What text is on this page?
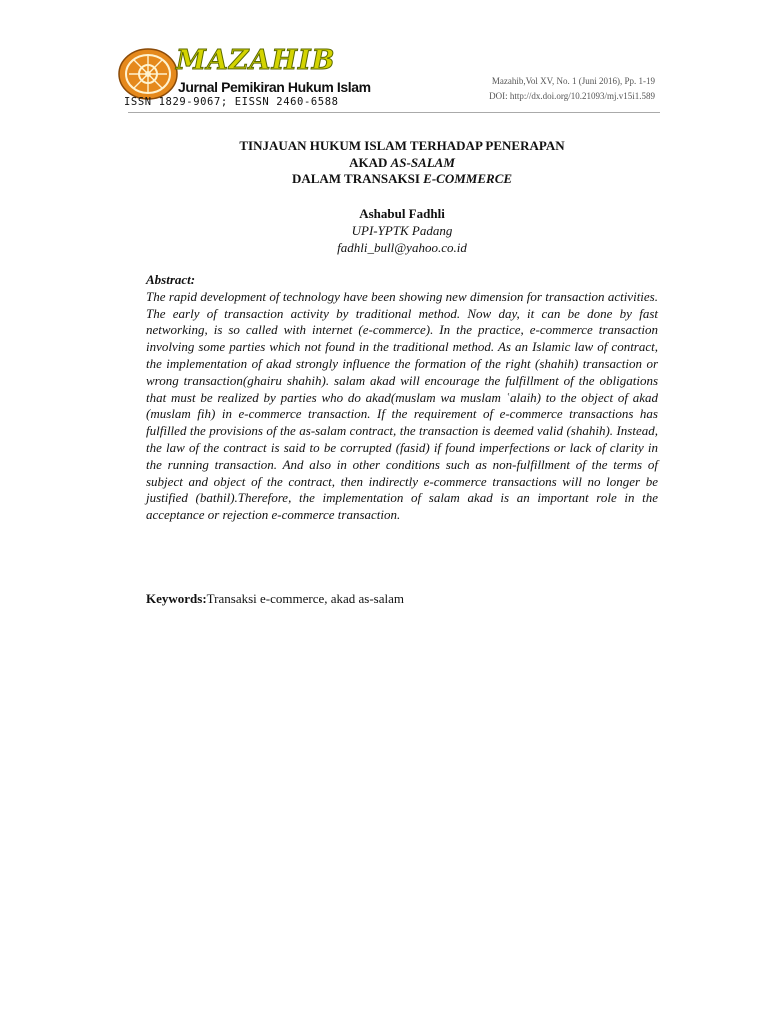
MAZAHIB
Jurnal Pemikiran Hukum Islam
ISSN 1829-9067; EISSN 2460-6588
Mazahib,Vol XV, No. 1 (Juni 2016), Pp. 1-19
DOI: http://dx.doi.org/10.21093/mj.v15i1.589
TINJAUAN HUKUM ISLAM TERHADAP PENERAPAN
AKAD AS-SALAM
DALAM TRANSAKSI E-COMMERCE
Ashabul Fadhli
UPI-YPTK Padang
fadhli_bull@yahoo.co.id
Abstract:
The rapid development of technology have been showing new dimension for transaction activities. The early of transaction activity by traditional method. Now day, it can be done by fast networking, is so called with internet (e-commerce). In the practice, e-commerce transaction involving some parties which not found in the traditional method. As an Islamic law of contract, the implementation of akad strongly influence the formation of the right (shahih) transaction or wrong transaction(ghairu shahih). salam akad will encourage the fulfillment of the obligations that must be realized by parties who do akad(muslam wa muslam ʿalaih) to the object of akad (muslam fih) in e-commerce transaction. If the requirement of e-commerce transactions has fulfilled the provisions of the as-salam contract, the transaction is deemed valid (shahih). Instead, the law of the contract is said to be corrupted (fasid) if found imperfections or lack of clarity in the running transaction. And also in other conditions such as non-fulfillment of the terms of subject and object of the contract, then indirectly e-commerce transactions will no longer be justified (bathil).Therefore, the implementation of salam akad is an important role in the acceptance or rejection e-commerce transaction.
Keywords:Transaksi e-commerce, akad as-salam
